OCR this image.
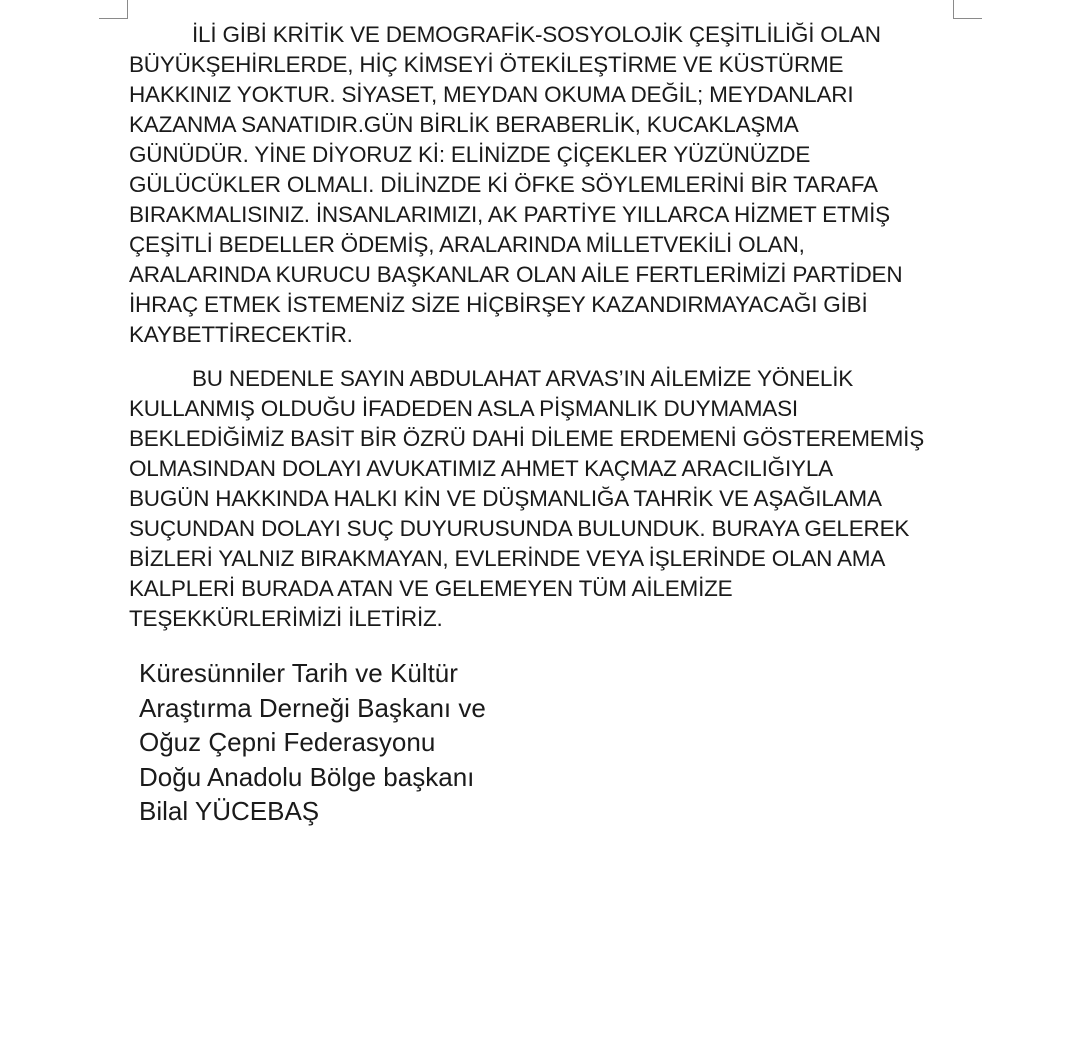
İLİ GİBİ KRİTİK VE DEMOGRAFİK-SOSYOLOJİK ÇEŞİTLİLİĞİ OLAN
BÜYÜKŞEHİRLERDE, HİÇ KİMSEYİ ÖTEKİLEŞTİRME VE KÜSTÜRME
HAKKINIZ YOKTUR. SİYASET, MEYDAN OKUMA DEĞİL; MEYDANLARI
KAZANMA SANATIDIR.GÜN BİRLİK BERABERLİK, KUCAKLAŞMA
GÜNÜDÜR. YİNE DİYORUZ Kİ: ELİNİZDE ÇİÇEKLER YÜZÜNÜZDE
GÜLÜCÜKLER OLMALI. DİLİNZDE Kİ ÖFKE SÖYLEMLERİNİ BİR TARAFA
BIRAKMALISINIZ. İNSANLARIMIZI, AK PARTİYE YILLARCA HİZMET ETMİŞ
ÇEŞİTLİ BEDELLER ÖDEMİŞ, ARALARINDA MİLLETVEKİLİ OLAN,
ARALARINDA KURUCU BAŞKANLAR OLAN AİLE FERTLERİMİZİ PARTİDEN
İHRAÇ ETMEK İSTEMENİZ SİZE HİÇBİRŞEY KAZANDIRMAYACAĞI GİBİ
KAYBETTİRECEKTİR.
BU NEDENLE SAYIN ABDULAHAT ARVAS’IN AİLEMİZE YÖNELİK
KULLANMIŞ OLDUĞU İFADEDEN ASLA PİŞMANLIK DUYMAMASI
BEKLEDİĞİMİZ BASİT BİR ÖZRÜ DAHİ DİLEME ERDEMENİ GÖSTEREMEMİŞ
OLMASINDAN DOLAYI AVUKATIMIZ AHMET KAÇMAZ ARACILIĞIYLA
BUGÜN HAKKINDA HALKI KİN VE DÜŞMANLIĞA TAHRİK VE AŞAĞILAMA
SUÇUNDAN DOLAYI SUÇ DUYURUSUNDA BULUNDUK. BURAYA GELEREK
BİZLERİ YALNIZ BIRAKMAYAN, EVLERİNDE VEYA İŞLERİNDE OLAN AMA
KALPLERİ BURADA ATAN VE GELEMEYEN TÜM AİLEMİZE
TEŞEKKÜRLERİMİZİ İLETİRİZ.
Küresünniler Tarih ve Kültür
Araştırma Derneği Başkanı ve
Oğuz Çepni Federasyonu
Doğu Anadolu Bölge başkanı
Bilal YÜCEBAŞ
